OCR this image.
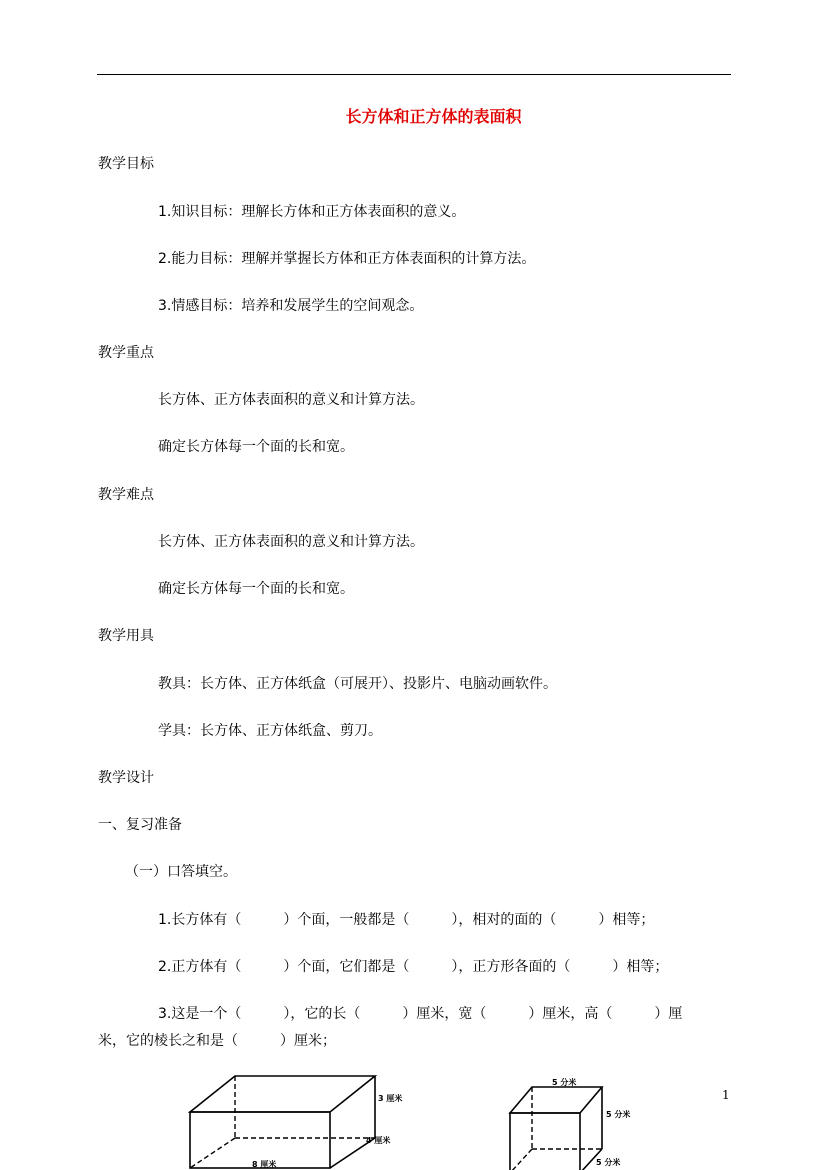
长方体和正方体的表面积
教学目标
1.知识目标：理解长方体和正方体表面积的意义。
2.能力目标：理解并掌握长方体和正方体表面积的计算方法。
3.情感目标：培养和发展学生的空间观念。
教学重点
长方体、正方体表面积的意义和计算方法。
确定长方体每一个面的长和宽。
教学难点
长方体、正方体表面积的意义和计算方法。
确定长方体每一个面的长和宽。
教学用具
教具：长方体、正方体纸盒（可展开）、投影片、电脑动画软件。
学具：长方体、正方体纸盒、剪刀。
教学设计
一、复习准备
（一）口答填空。
1.长方体有（　　　）个面，一般都是（　　　），相对的面的（　　　）相等；
2.正方体有（　　　）个面，它们都是（　　　），正方形各面的（　　　）相等；
3.这是一个（　　　），它的长（　　　）厘米，宽（　　　）厘米，高（　　　）厘
米，它的棱长之和是（　　　）厘米；
3 厘米
4 厘米
8 厘米
5 分米
5 分米
5 分米
1
